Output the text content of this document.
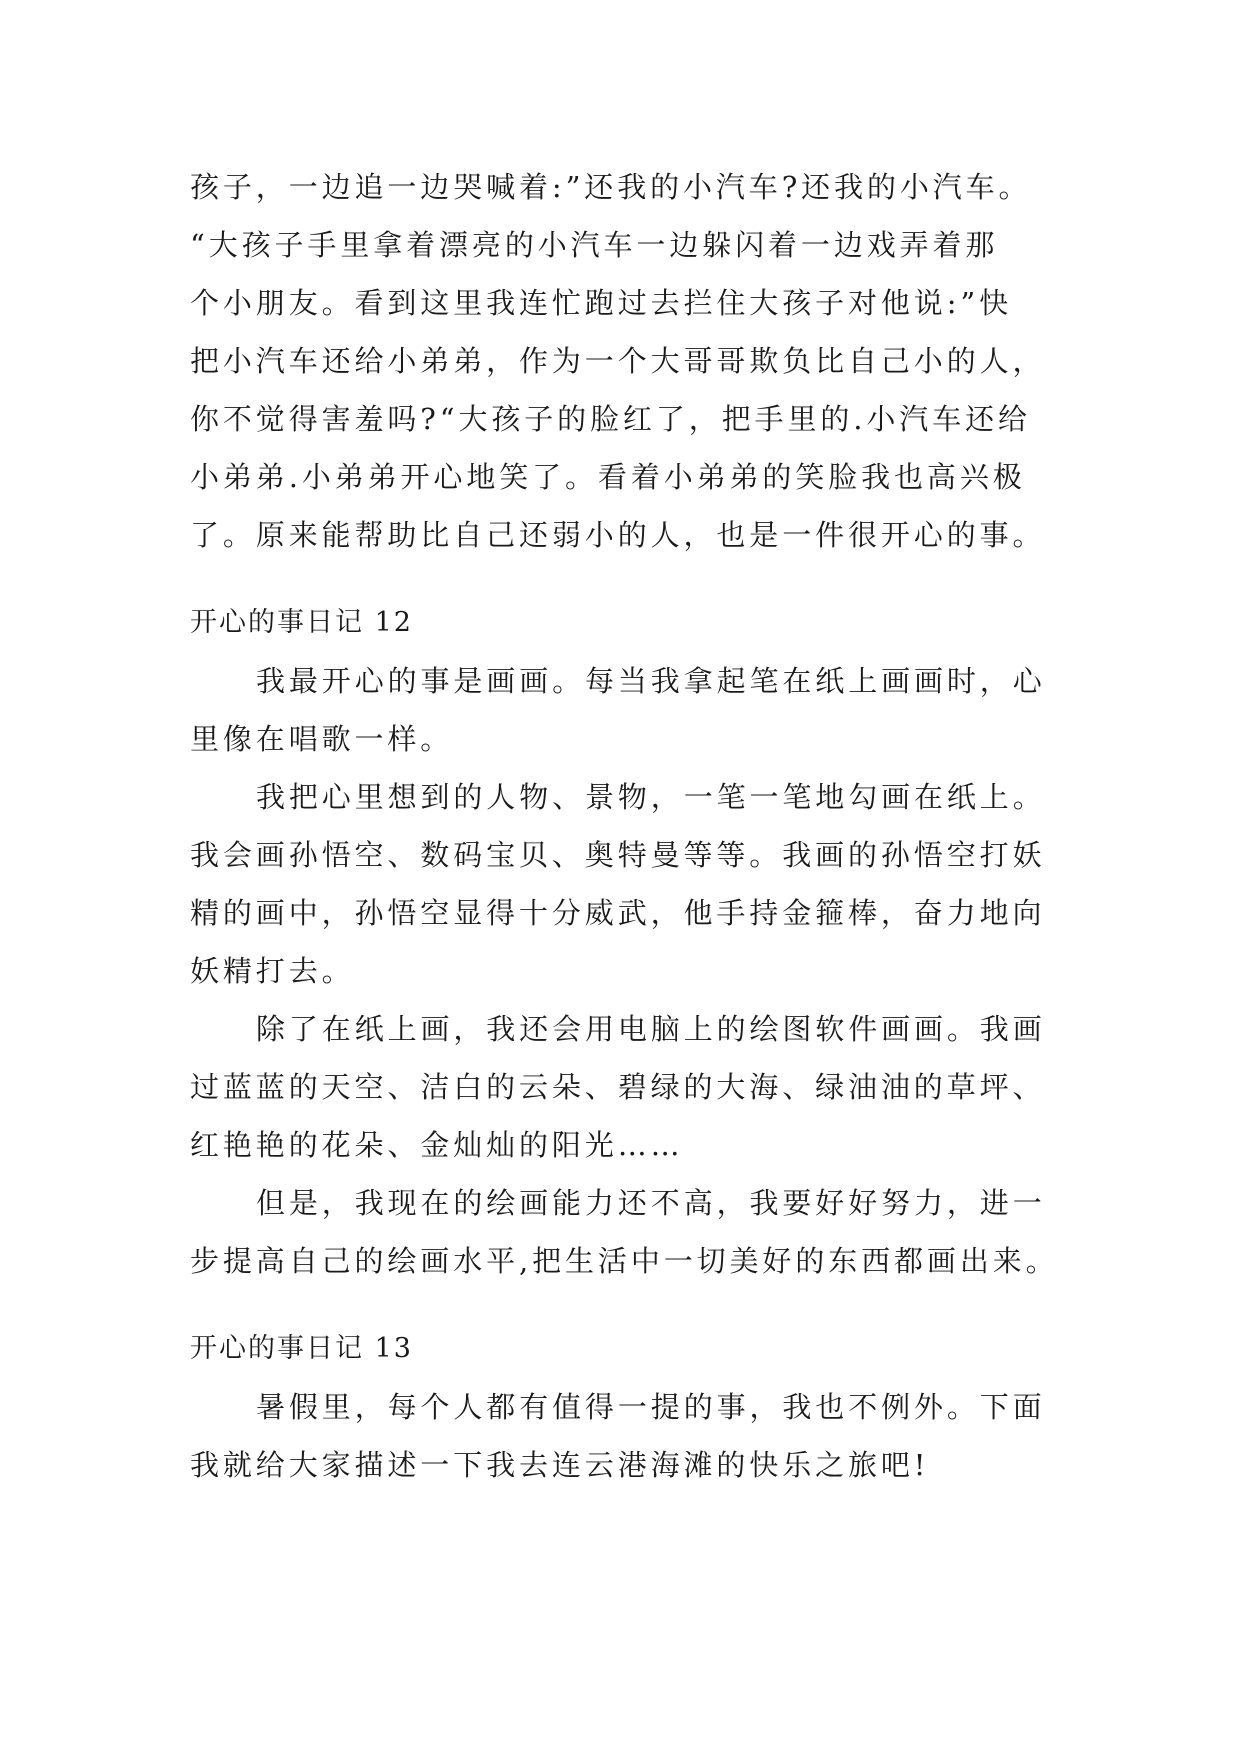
孩子，一边追一边哭喊着:”还我的小汽车?还我的小汽车。
“大孩子手里拿着漂亮的小汽车一边躲闪着一边戏弄着那
个小朋友。看到这里我连忙跑过去拦住大孩子对他说:”快
把小汽车还给小弟弟，作为一个大哥哥欺负比自己小的人，
你不觉得害羞吗?“大孩子的脸红了，把手里的.小汽车还给
小弟弟.小弟弟开心地笑了。看着小弟弟的笑脸我也高兴极
了。原来能帮助比自己还弱小的人，也是一件很开心的事。
开心的事日记 12
我最开心的事是画画。每当我拿起笔在纸上画画时，心
里像在唱歌一样。
我把心里想到的人物、景物，一笔一笔地勾画在纸上。
我会画孙悟空、数码宝贝、奥特曼等等。我画的孙悟空打妖
精的画中，孙悟空显得十分威武，他手持金箍棒，奋力地向
妖精打去。
除了在纸上画，我还会用电脑上的绘图软件画画。我画
过蓝蓝的天空、洁白的云朵、碧绿的大海、绿油油的草坪、
红艳艳的花朵、金灿灿的阳光……
但是，我现在的绘画能力还不高，我要好好努力，进一
步提高自己的绘画水平,把生活中一切美好的东西都画出来。
开心的事日记 13
暑假里，每个人都有值得一提的事，我也不例外。下面
我就给大家描述一下我去连云港海滩的快乐之旅吧!
